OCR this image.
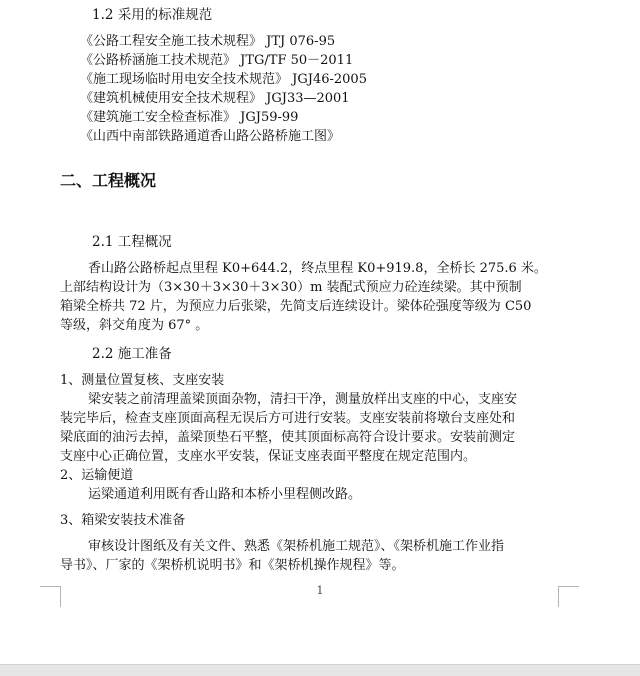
1.2 采用的标准规范
《公路工程安全施工技术规程》 JTJ 076-95
《公路桥涵施工技术规范》 JTG/TF 50－2011
《施工现场临时用电安全技术规范》 JGJ46-2005
《建筑机械使用安全技术规程》 JGJ33—2001
《建筑施工安全检查标准》 JGJ59-99
《山西中南部铁路通道香山路公路桥施工图》
二、工程概况
2.1 工程概况
香山路公路桥起点里程 K0+644.2，终点里程 K0+919.8，全桥长 275.6 米。
上部结构设计为（3×30＋3×30＋3×30）m 装配式预应力砼连续梁。其中预制
箱梁全桥共 72 片，为预应力后张梁，先简支后连续设计。梁体砼强度等级为 C50
等级，斜交角度为 67° 。
2.2 施工准备
1、测量位置复核、支座安装
梁安装之前清理盖梁顶面杂物，清扫干净，测量放样出支座的中心，支座安
装完毕后，检查支座顶面高程无误后方可进行安装。支座安装前将墩台支座处和
梁底面的油污去掉，盖梁顶垫石平整，使其顶面标高符合设计要求。安装前测定
支座中心正确位置，支座水平安装，保证支座表面平整度在规定范围内。
2、运输便道
运梁通道利用既有香山路和本桥小里程侧改路。
3、箱梁安装技术准备
审核设计图纸及有关文件、熟悉《架桥机施工规范》、《架桥机施工作业指
导书》、厂家的《架桥机说明书》和《架桥机操作规程》等。
1
